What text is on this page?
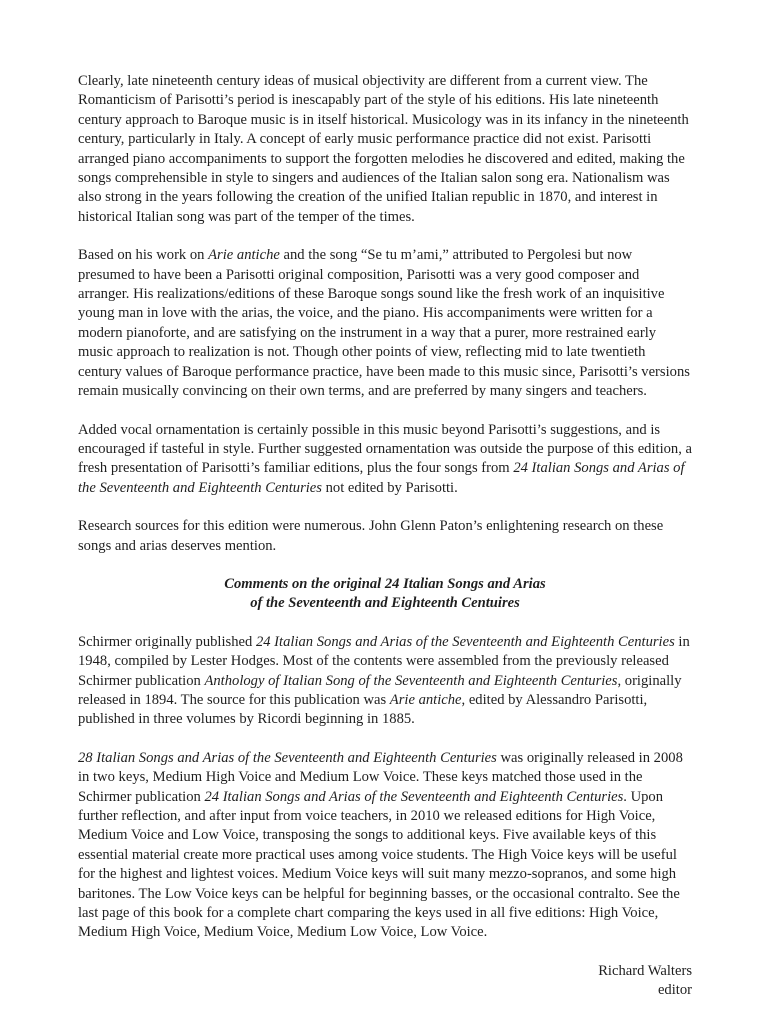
Clearly, late nineteenth century ideas of musical objectivity are different from a current view. The Romanticism of Parisotti’s period is inescapably part of the style of his editions. His late nineteenth century approach to Baroque music is in itself historical. Musicology was in its infancy in the nineteenth century, particularly in Italy. A concept of early music performance practice did not exist. Parisotti arranged piano accompaniments to support the forgotten melodies he discovered and edited, making the songs comprehensible in style to singers and audiences of the Italian salon song era. Nationalism was also strong in the years following the creation of the unified Italian republic in 1870, and interest in historical Italian song was part of the temper of the times.

Based on his work on Arie antiche and the song “Se tu m’ami,” attributed to Pergolesi but now presumed to have been a Parisotti original composition, Parisotti was a very good composer and arranger. His realizations/editions of these Baroque songs sound like the fresh work of an inquisitive young man in love with the arias, the voice, and the piano. His accompaniments were written for a modern pianoforte, and are satisfying on the instrument in a way that a purer, more restrained early music approach to realization is not. Though other points of view, reflecting mid to late twentieth century values of Baroque performance practice, have been made to this music since, Parisotti’s versions remain musically convincing on their own terms, and are preferred by many singers and teachers.

Added vocal ornamentation is certainly possible in this music beyond Parisotti’s suggestions, and is encouraged if tasteful in style. Further suggested ornamentation was outside the purpose of this edition, a fresh presentation of Parisotti’s familiar editions, plus the four songs from 24 Italian Songs and Arias of the Seventeenth and Eighteenth Centuries not edited by Parisotti.

Research sources for this edition were numerous. John Glenn Paton’s enlightening research on these songs and arias deserves mention.

Comments on the original 24 Italian Songs and Arias
of the Seventeenth and Eighteenth Centuires

Schirmer originally published 24 Italian Songs and Arias of the Seventeenth and Eighteenth Centuries in 1948, compiled by Lester Hodges. Most of the contents were assembled from the previously released Schirmer publication Anthology of Italian Song of the Seventeenth and Eighteenth Centuries, originally released in 1894. The source for this publication was Arie antiche, edited by Alessandro Parisotti, published in three volumes by Ricordi beginning in 1885.

28 Italian Songs and Arias of the Seventeenth and Eighteenth Centuries was originally released in 2008 in two keys, Medium High Voice and Medium Low Voice. These keys matched those used in the Schirmer publication 24 Italian Songs and Arias of the Seventeenth and Eighteenth Centuries. Upon further reflection, and after input from voice teachers, in 2010 we released editions for High Voice, Medium Voice and Low Voice, transposing the songs to additional keys. Five available keys of this essential material create more practical uses among voice students. The High Voice keys will be useful for the highest and lightest voices. Medium Voice keys will suit many mezzo-sopranos, and some high baritones. The Low Voice keys can be helpful for beginning basses, or the occasional contralto. See the last page of this book for a complete chart comparing the keys used in all five editions: High Voice, Medium High Voice, Medium Voice, Medium Low Voice, Low Voice.

Richard Walters
editor
